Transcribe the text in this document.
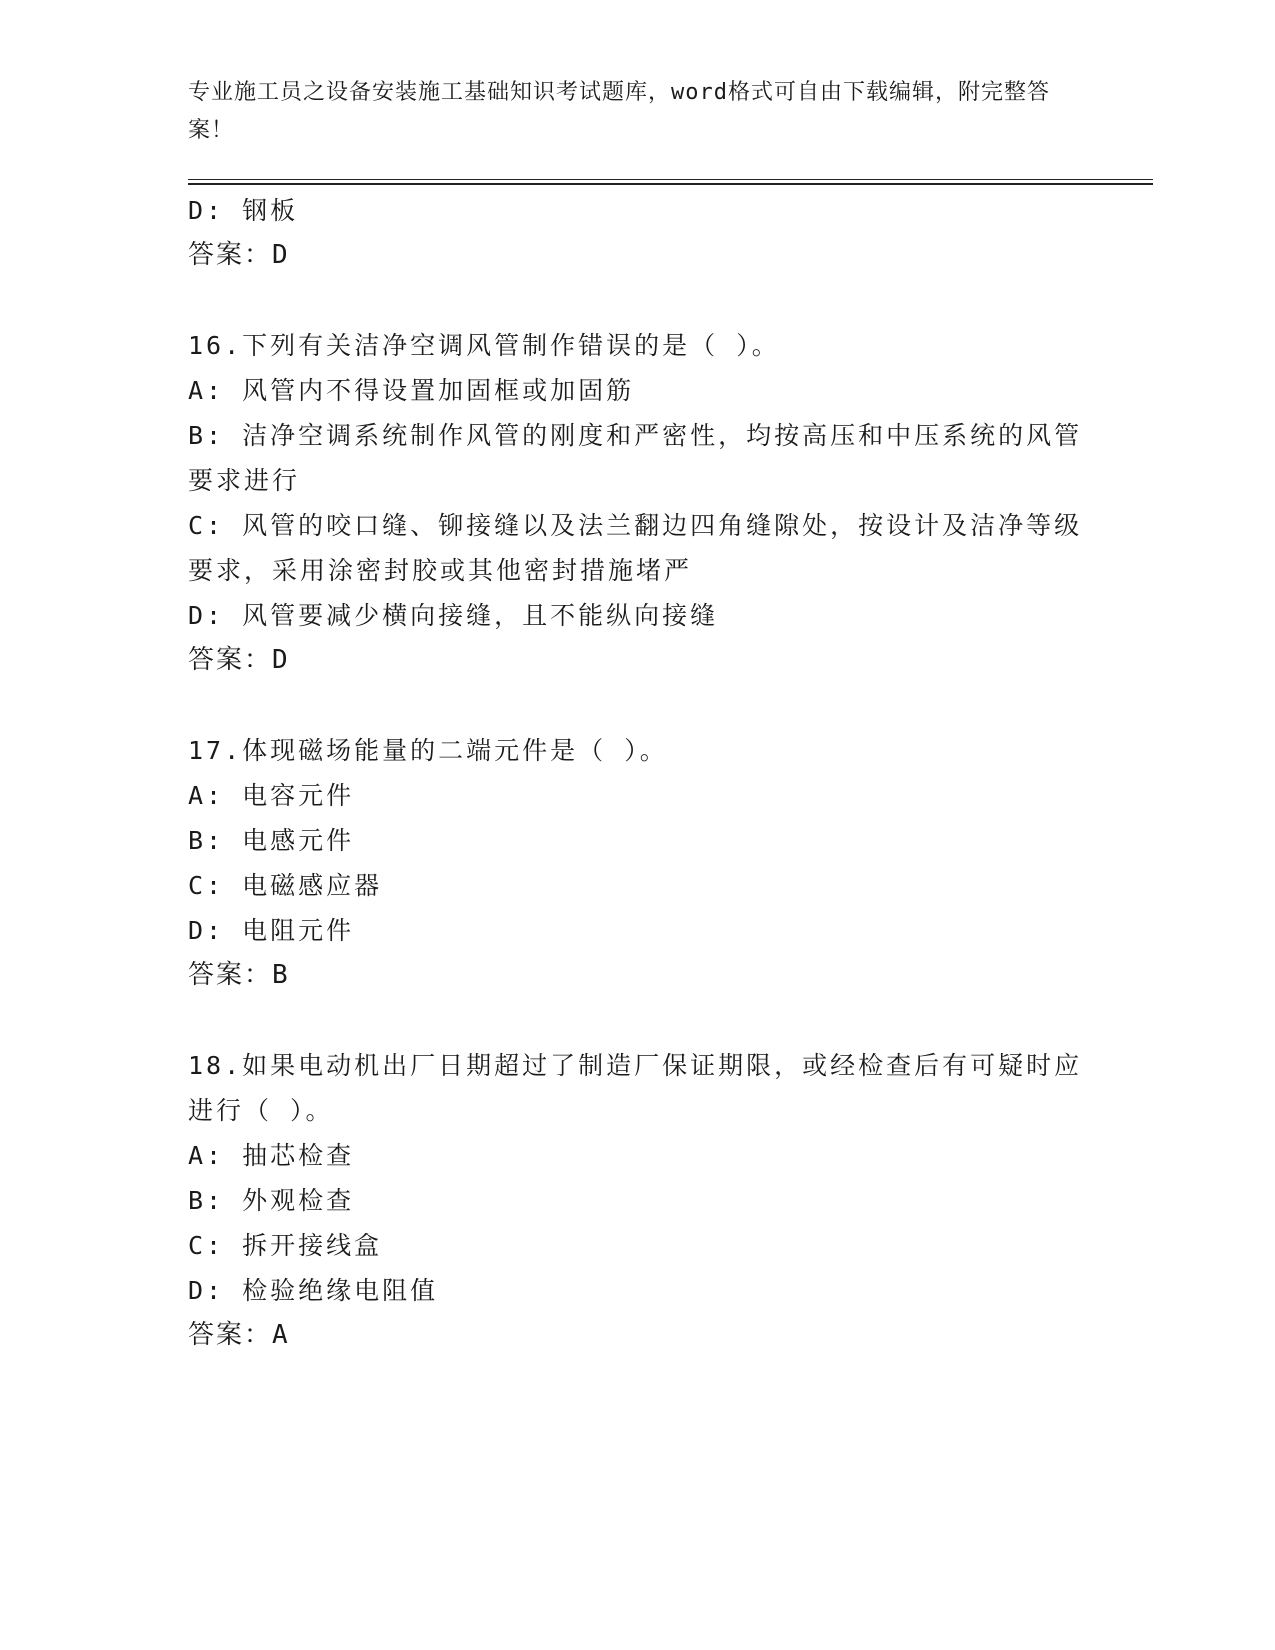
专业施工员之设备安装施工基础知识考试题库，word格式可自由下载编辑，附完整答案！
D: 钢板
答案：D
16.下列有关洁净空调风管制作错误的是（ ）。
A: 风管内不得设置加固框或加固筋
B: 洁净空调系统制作风管的刚度和严密性，均按高压和中压系统的风管要求进行
C: 风管的咬口缝、铆接缝以及法兰翻边四角缝隙处，按设计及洁净等级要求，采用涂密封胶或其他密封措施堵严
D: 风管要减少横向接缝，且不能纵向接缝
答案：D
17.体现磁场能量的二端元件是（ ）。
A: 电容元件
B: 电感元件
C: 电磁感应器
D: 电阻元件
答案：B
18.如果电动机出厂日期超过了制造厂保证期限，或经检查后有可疑时应进行（ ）。
A: 抽芯检查
B: 外观检查
C: 拆开接线盒
D: 检验绝缘电阻值
答案：A
